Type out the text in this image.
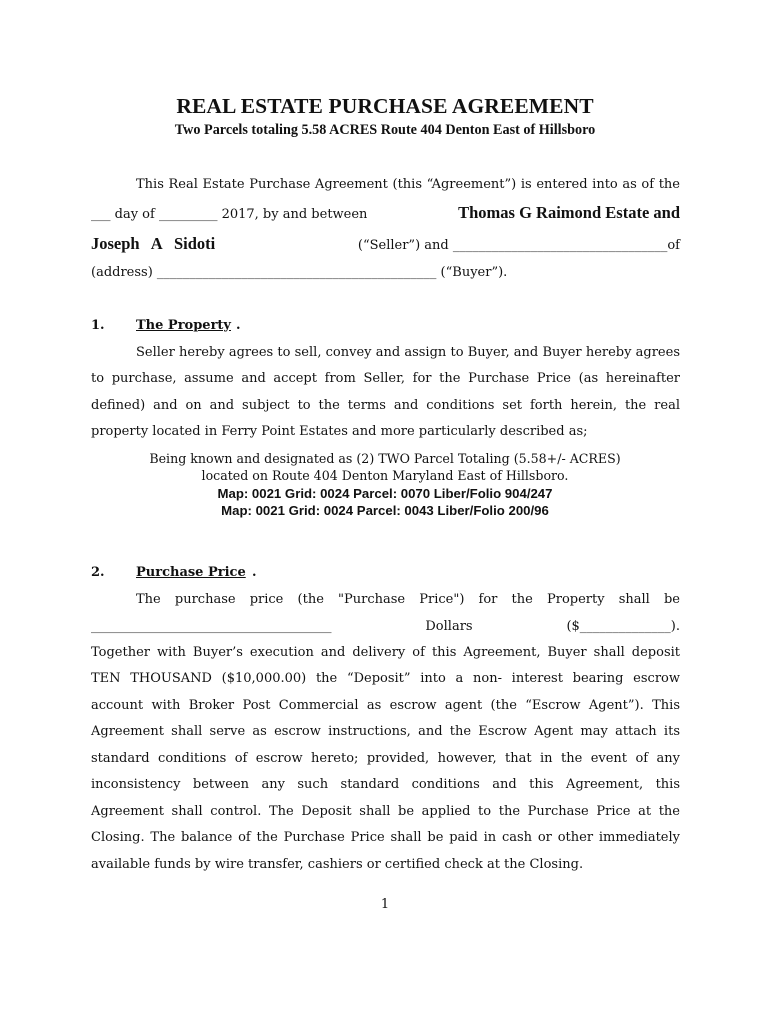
REAL ESTATE PURCHASE AGREEMENT
Two Parcels totaling 5.58 ACRES Route 404 Denton East of Hillsboro
This Real Estate Purchase Agreement (this “Agreement”) is entered into as of the
___ day of _________ 2017, by and between	Thomas G Raimond Estate and
Joseph A Sidoti	(“Seller”) and _________________________________of
(address) ___________________________________________ (“Buyer”).
1. The Property .
Seller hereby agrees to sell, convey and assign to Buyer, and Buyer hereby agrees
to purchase, assume and accept from Seller, for the Purchase Price (as hereinafter
defined) and on and subject to the terms and conditions set forth herein, the real
property located in Ferry Point Estates and more particularly described as;
Being known and designated as (2) TWO Parcel Totaling (5.58+/- ACRES)
located on Route 404 Denton Maryland East of Hillsboro.
Map: 0021 Grid: 0024 Parcel: 0070 Liber/Folio 904/247
Map: 0021 Grid: 0024 Parcel: 0043 Liber/Folio 200/96
2. Purchase Price .
The purchase price (the "Purchase Price") for the Property shall be
_____________________________________ Dollars ($______________).
Together with Buyer’s execution and delivery of this Agreement, Buyer shall deposit
TEN THOUSAND ($10,000.00) the “Deposit” into a non- interest bearing escrow
account with Broker Post Commercial as escrow agent (the “Escrow Agent”). This
Agreement shall serve as escrow instructions, and the Escrow Agent may attach its
standard conditions of escrow hereto; provided, however, that in the event of any
inconsistency between any such standard conditions and this Agreement, this
Agreement shall control. The Deposit shall be applied to the Purchase Price at the
Closing. The balance of the Purchase Price shall be paid in cash or other immediately
available funds by wire transfer, cashiers or certified check at the Closing.
1
